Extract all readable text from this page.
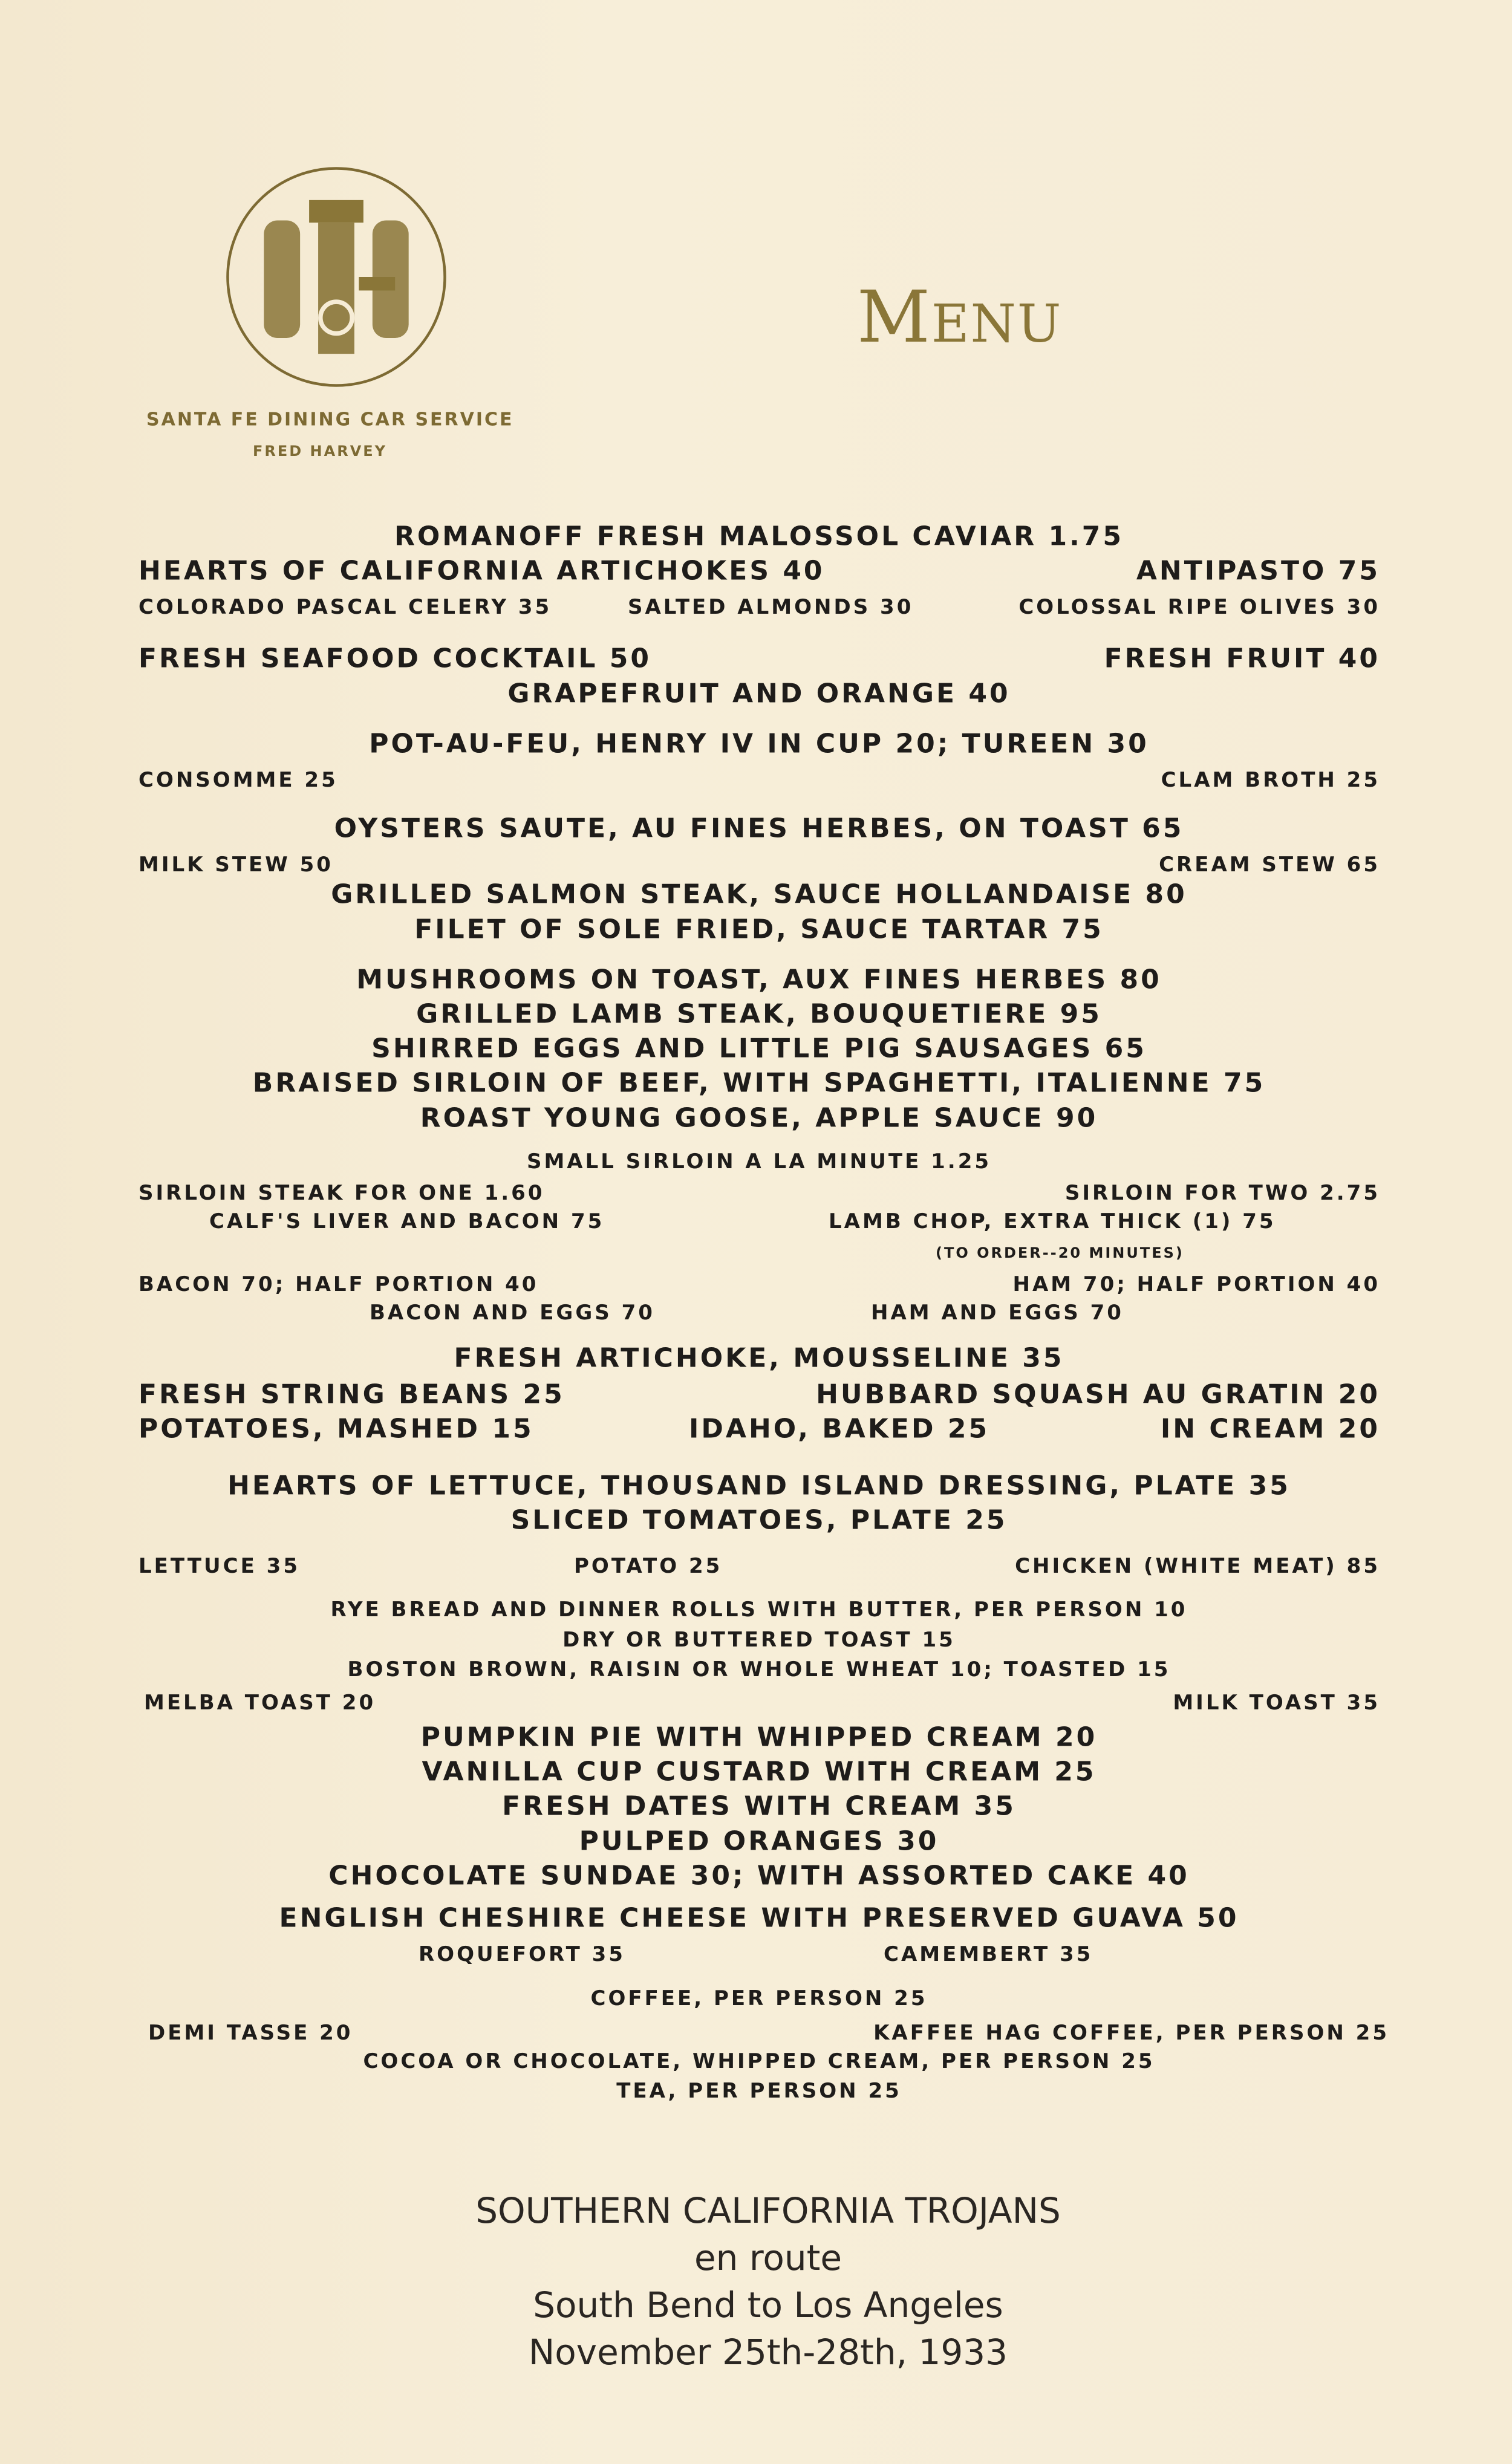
SANTA FE DINING CAR SERVICE
FRED HARVEY
MENU
ROMANOFF FRESH MALOSSOL CAVIAR 1.75
HEARTS OF CALIFORNIA ARTICHOKES 40	ANTIPASTO 75
COLORADO PASCAL CELERY 35	SALTED ALMONDS 30	COLOSSAL RIPE OLIVES 30
FRESH SEAFOOD COCKTAIL 50	FRESH FRUIT 40
GRAPEFRUIT AND ORANGE 40
POT-AU-FEU, HENRY IV IN CUP 20; TUREEN 30
CONSOMME 25	CLAM BROTH 25
OYSTERS SAUTE, AU FINES HERBES, ON TOAST 65
MILK STEW 50	CREAM STEW 65
GRILLED SALMON STEAK, SAUCE HOLLANDAISE 80
FILET OF SOLE FRIED, SAUCE TARTAR 75
MUSHROOMS ON TOAST, AUX FINES HERBES 80
GRILLED LAMB STEAK, BOUQUETIERE 95
SHIRRED EGGS AND LITTLE PIG SAUSAGES 65
BRAISED SIRLOIN OF BEEF, WITH SPAGHETTI, ITALIENNE 75
ROAST YOUNG GOOSE, APPLE SAUCE 90
SMALL SIRLOIN A LA MINUTE 1.25
SIRLOIN STEAK FOR ONE 1.60	SIRLOIN FOR TWO 2.75
CALF'S LIVER AND BACON 75	LAMB CHOP, EXTRA THICK (1) 75
(TO ORDER--20 MINUTES)
BACON 70; HALF PORTION 40	HAM 70; HALF PORTION 40
BACON AND EGGS 70	HAM AND EGGS 70
FRESH ARTICHOKE, MOUSSELINE 35
FRESH STRING BEANS 25	HUBBARD SQUASH AU GRATIN 20
POTATOES, MASHED 15	IDAHO, BAKED 25	IN CREAM 20
HEARTS OF LETTUCE, THOUSAND ISLAND DRESSING, PLATE 35
SLICED TOMATOES, PLATE 25
LETTUCE 35	POTATO 25	CHICKEN (WHITE MEAT) 85
RYE BREAD AND DINNER ROLLS WITH BUTTER, PER PERSON 10
DRY OR BUTTERED TOAST 15
BOSTON BROWN, RAISIN OR WHOLE WHEAT 10; TOASTED 15
MELBA TOAST 20	MILK TOAST 35
PUMPKIN PIE WITH WHIPPED CREAM 20
VANILLA CUP CUSTARD WITH CREAM 25
FRESH DATES WITH CREAM 35
PULPED ORANGES 30
CHOCOLATE SUNDAE 30; WITH ASSORTED CAKE 40
ENGLISH CHESHIRE CHEESE WITH PRESERVED GUAVA 50
ROQUEFORT 35	CAMEMBERT 35
COFFEE, PER PERSON 25
DEMI TASSE 20	KAFFEE HAG COFFEE, PER PERSON 25
COCOA OR CHOCOLATE, WHIPPED CREAM, PER PERSON 25
TEA, PER PERSON 25
SOUTHERN CALIFORNIA TROJANS
en route
South Bend to Los Angeles
November 25th-28th, 1933
